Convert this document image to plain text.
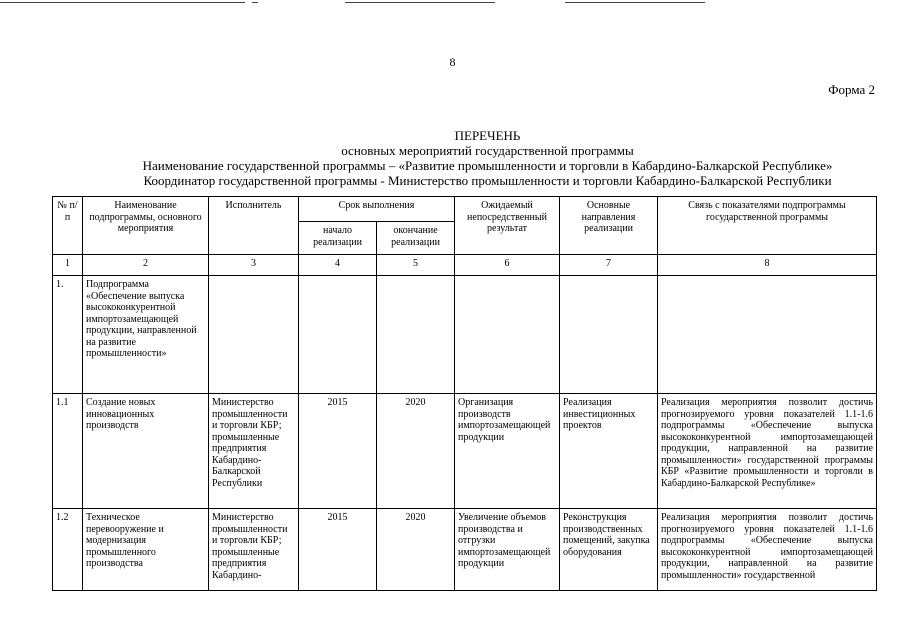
8
Форма 2
ПЕРЕЧЕНЬ
основных мероприятий государственной программы
Наименование государственной программы – «Развитие промышленности и торговли в Кабардино-Балкарской Республике»
Координатор государственной программы - Министерство промышленности и торговли Кабардино-Балкарской Республики
№ п/п	Наименование подпрограммы, основного мероприятия	Исполнитель	Срок выполнения		Ожидаемый непосредственный результат	Основные направления реализации	Связь с показателями подпрограммы государственной программы
			начало реализации	окончание реализации			
1	2	3	4	5	6	7	8
1.	Подпрограмма «Обеспечение выпуска высококонкурентной импортозамещающей продукции, направленной на развитие промышленности»						
1.1	Создание новых инновационных производств	Министерство промышленности и торговли КБР; промышленные предприятия Кабардино-Балкарской Республики	2015	2020	Организация производств импортозамещающей продукции	Реализация инвестиционных проектов	Реализация мероприятия позволит достичь прогнозируемого уровня показателей 1.1-1.6 подпрограммы «Обеспечение выпуска высококонкурентной импортозамещающей продукции, направленной на развитие промышленности» государственной программы КБР «Развитие промышленности и торговли в Кабардино-Балкарской Республике»
1.2	Техническое перевооружение и модернизация промышленного производства	Министерство промышленности и торговли КБР; промышленные предприятия Кабардино-	2015	2020	Увеличение объемов производства и отгрузки импортозамещающей продукции	Реконструкция производственных помещений, закупка оборудования	Реализация мероприятия позволит достичь прогнозируемого уровня показателей 1.1-1.6 подпрограммы «Обеспечение выпуска высококонкурентной импортозамещающей продукции, направленной на развитие промышленности» государственной
